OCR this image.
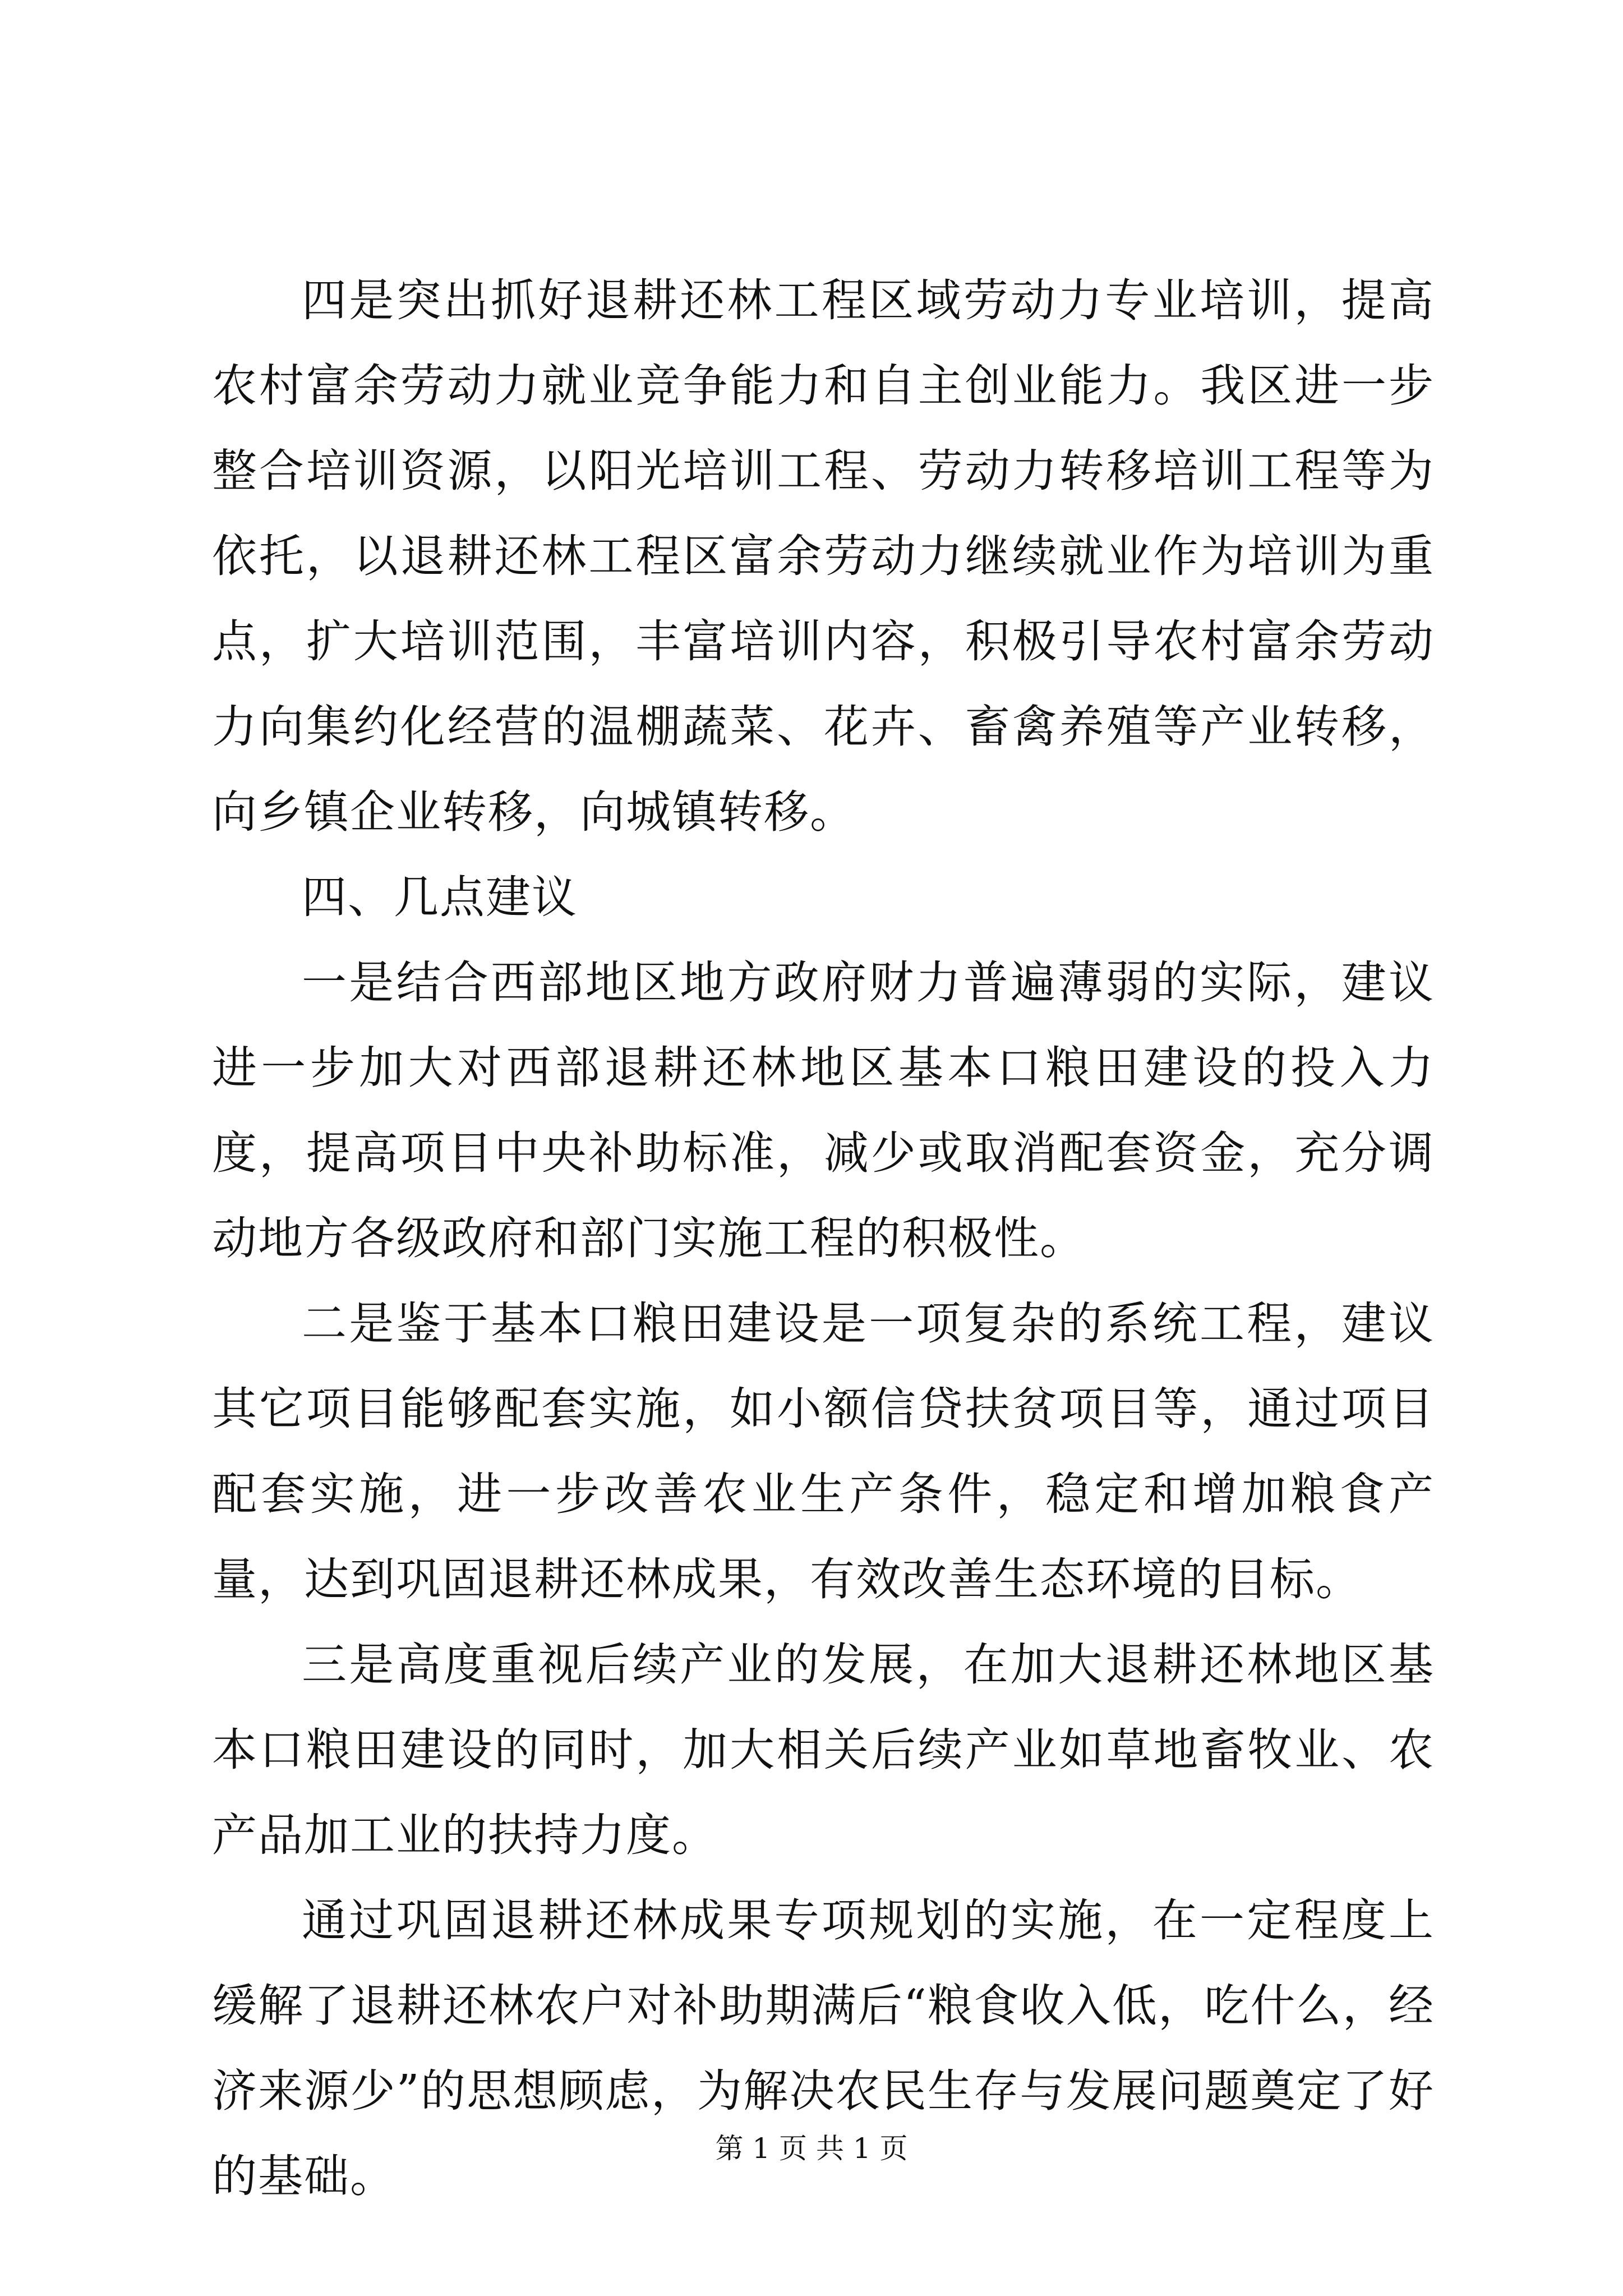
四是突出抓好退耕还林工程区域劳动力专业培训，提高农村富余劳动力就业竞争能力和自主创业能力。我区进一步整合培训资源，以阳光培训工程、劳动力转移培训工程等为依托，以退耕还林工程区富余劳动力继续就业作为培训为重点，扩大培训范围，丰富培训内容，积极引导农村富余劳动力向集约化经营的温棚蔬菜、花卉、畜禽养殖等产业转移，向乡镇企业转移，向城镇转移。

四、几点建议

一是结合西部地区地方政府财力普遍薄弱的实际，建议进一步加大对西部退耕还林地区基本口粮田建设的投入力度，提高项目中央补助标准，减少或取消配套资金，充分调动地方各级政府和部门实施工程的积极性。

二是鉴于基本口粮田建设是一项复杂的系统工程，建议其它项目能够配套实施，如小额信贷扶贫项目等，通过项目配套实施，进一步改善农业生产条件，稳定和增加粮食产量，达到巩固退耕还林成果，有效改善生态环境的目标。

三是高度重视后续产业的发展，在加大退耕还林地区基本口粮田建设的同时，加大相关后续产业如草地畜牧业、农产品加工业的扶持力度。

通过巩固退耕还林成果专项规划的实施，在一定程度上缓解了退耕还林农户对补助期满后“粮食收入低，吃什么，经济来源少”的思想顾虑，为解决农民生存与发展问题奠定了好的基础。

第 1 页 共 1 页
